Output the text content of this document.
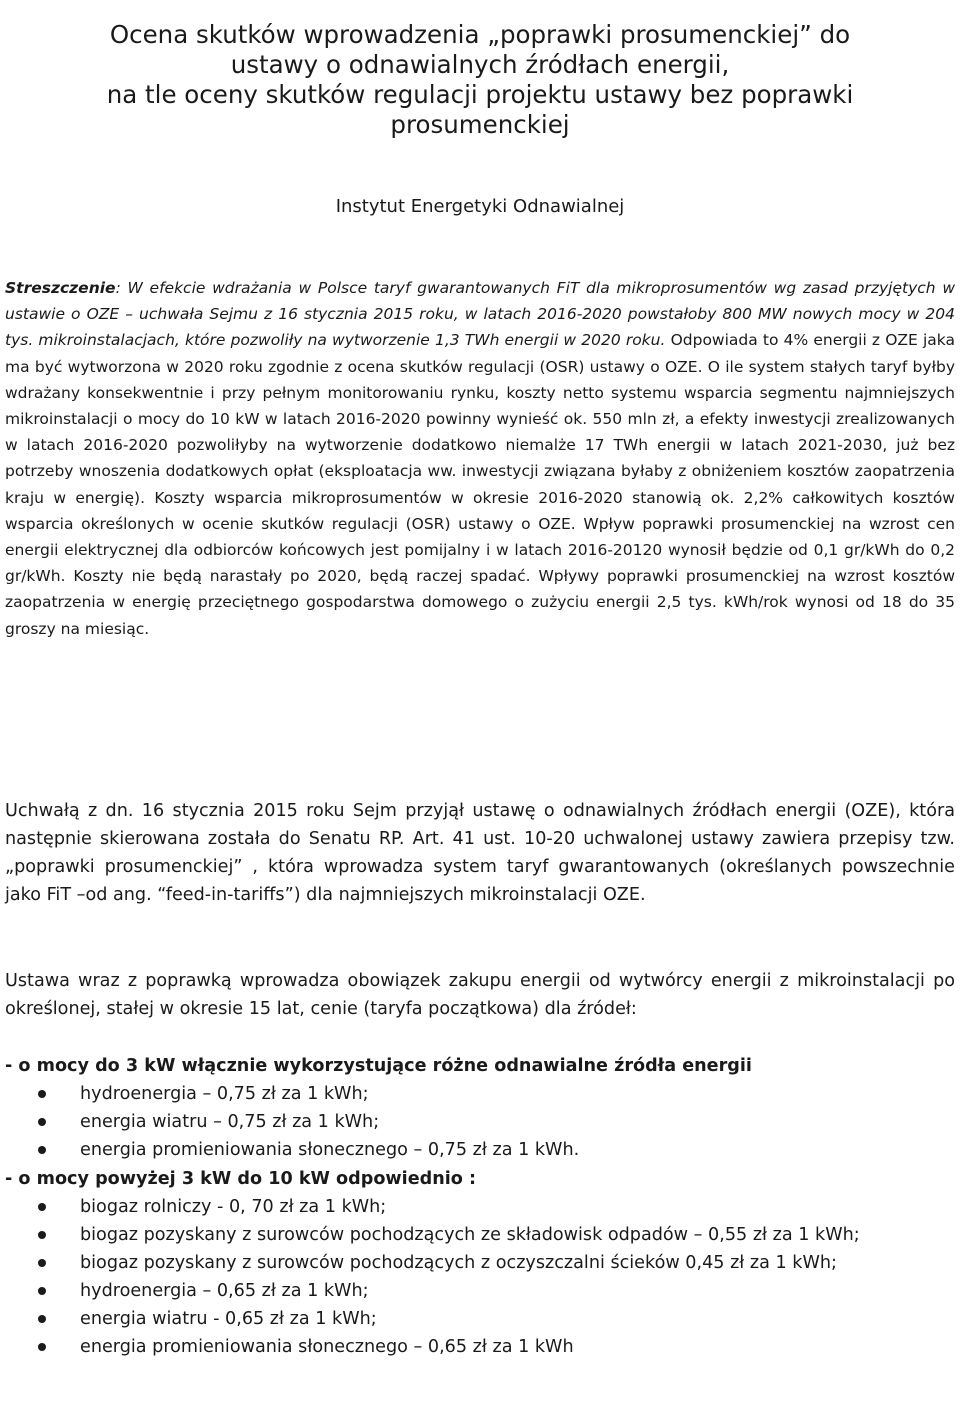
Ocena skutków wprowadzenia „poprawki prosumenckiej” do
ustawy o odnawialnych źródłach energii,
na tle oceny skutków regulacji projektu ustawy bez poprawki
prosumenckiej
Instytut Energetyki Odnawialnej

Streszczenie: W efekcie wdrażania w Polsce taryf gwarantowanych FiT dla mikroprosumentów wg zasad przyjętych w ustawie o OZE – uchwała Sejmu z 16 stycznia 2015 roku, w latach 2016-2020 powstałoby 800 MW nowych mocy w 204 tys. mikroinstalacjach, które pozwoliły na wytworzenie 1,3 TWh energii w 2020 roku. Odpowiada to 4% energii z OZE jaka ma być wytworzona w 2020 roku zgodnie z ocena skutków regulacji (OSR) ustawy o OZE. O ile system stałych taryf byłby wdrażany konsekwentnie i przy pełnym monitorowaniu rynku, koszty netto systemu wsparcia segmentu najmniejszych mikroinstalacji o mocy do 10 kW w latach 2016-2020 powinny wynieść ok. 550 mln zł, a efekty inwestycji zrealizowanych w latach 2016-2020 pozwoliłyby na wytworzenie dodatkowo niemalże 17 TWh energii w latach 2021-2030, już bez potrzeby wnoszenia dodatkowych opłat (eksploatacja ww. inwestycji związana byłaby z obniżeniem kosztów zaopatrzenia kraju w energię). Koszty wsparcia mikroprosumentów w okresie 2016-2020 stanowią ok. 2,2% całkowitych kosztów wsparcia określonych w ocenie skutków regulacji (OSR) ustawy o OZE. Wpływ poprawki prosumenckiej na wzrost cen energii elektrycznej dla odbiorców końcowych jest pomijalny i w latach 2016-20120 wynosił będzie od 0,1 gr/kWh do 0,2 gr/kWh. Koszty nie będą narastały po 2020, będą raczej spadać. Wpływy poprawki prosumenckiej na wzrost kosztów zaopatrzenia w energię przeciętnego gospodarstwa domowego o zużyciu energii 2,5 tys. kWh/rok wynosi od 18 do 35 groszy na miesiąc.

Uchwałą z dn. 16 stycznia 2015 roku Sejm przyjął ustawę o odnawialnych źródłach energii (OZE), która następnie skierowana została do Senatu RP. Art. 41 ust. 10-20 uchwalonej ustawy zawiera przepisy tzw. „poprawki prosumenckiej” , która wprowadza system taryf gwarantowanych (określanych powszechnie jako FiT –od ang. “feed-in-tariffs”) dla najmniejszych mikroinstalacji OZE.

Ustawa wraz z poprawką wprowadza obowiązek zakupu energii od wytwórcy energii z mikroinstalacji po określonej, stałej w okresie 15 lat, cenie (taryfa początkowa) dla źródeł:

- o mocy do 3 kW włącznie wykorzystujące różne odnawialne źródła energii

hydroenergia – 0,75 zł za 1 kWh;
energia wiatru – 0,75 zł za 1 kWh;
energia promieniowania słonecznego – 0,75 zł za 1 kWh.

- o mocy powyżej 3 kW do 10 kW odpowiednio :

biogaz rolniczy - 0, 70 zł za 1 kWh;
biogaz pozyskany z surowców pochodzących ze składowisk odpadów – 0,55 zł za 1 kWh;
biogaz pozyskany z surowców pochodzących z oczyszczalni ścieków 0,45 zł za 1 kWh;
hydroenergia – 0,65 zł za 1 kWh;
energia wiatru - 0,65 zł za 1 kWh;
energia promieniowania słonecznego – 0,65 zł za 1 kWh
